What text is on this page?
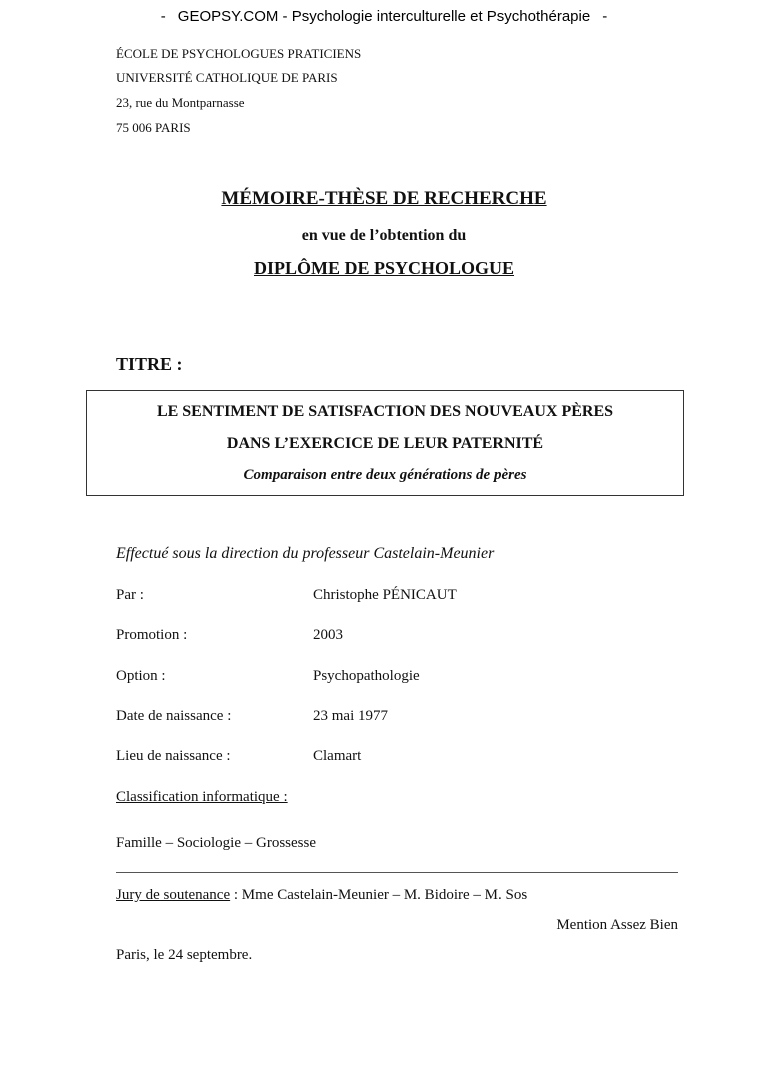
- GEOPSY.COM - Psychologie interculturelle et Psychothérapie -
ÉCOLE DE PSYCHOLOGUES PRATICIENS
UNIVERSITÉ CATHOLIQUE DE PARIS
23, rue du Montparnasse
75 006 PARIS
MÉMOIRE-THÈSE DE RECHERCHE
en vue de l’obtention du
DIPLÔME DE PSYCHOLOGUE
TITRE :
LE SENTIMENT DE SATISFACTION DES NOUVEAUX PÈRES
DANS L’EXERCICE DE LEUR PATERNITÉ
Comparaison entre deux générations de pères
Effectué sous la direction du professeur Castelain-Meunier
Par :	Christophe PÉNICAUT
Promotion :	2003
Option :	Psychopathologie
Date de naissance :	23 mai 1977
Lieu de naissance :	Clamart
Classification informatique :
Famille – Sociologie – Grossesse
Jury de soutenance : Mme Castelain-Meunier – M. Bidoire – M. Sos
Mention Assez Bien
Paris, le 24 septembre.
